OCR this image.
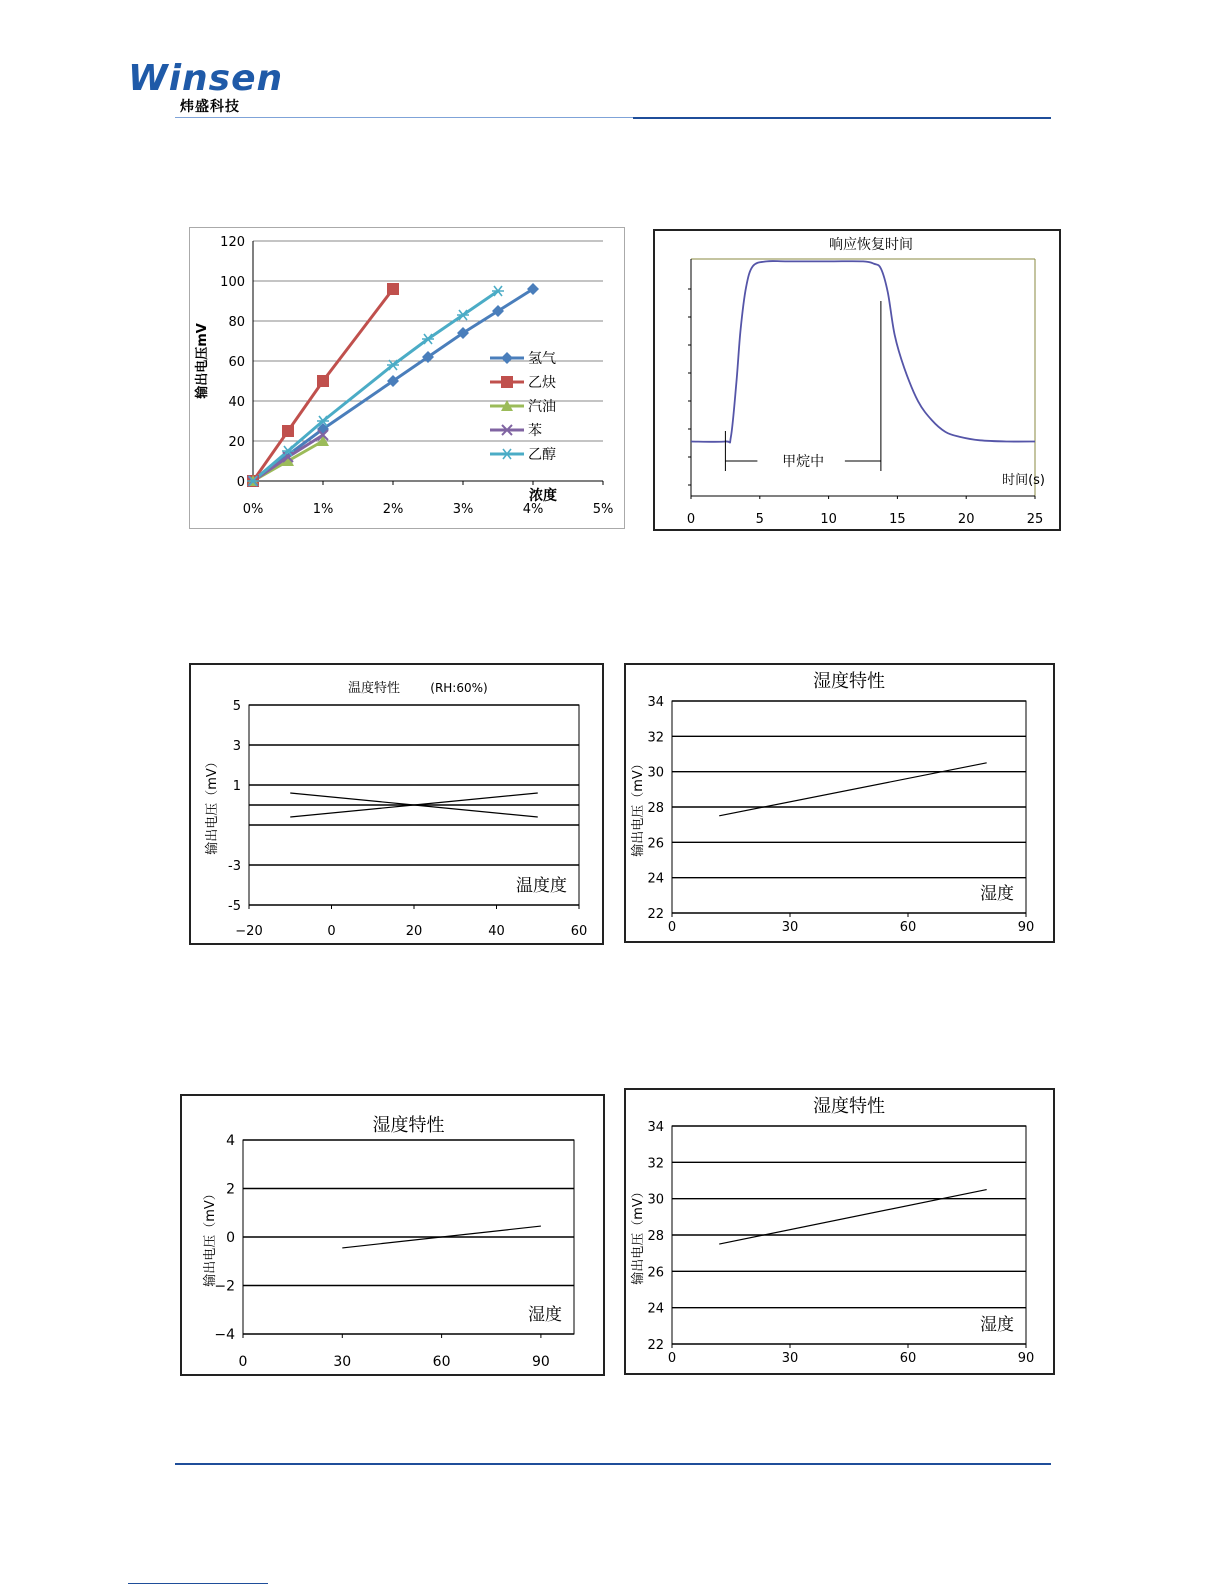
Winsen
炜盛科技
0
20
40
60
80
100
120
0%	1%	2%	3%	4%	5%
氢气
乙炔
汽油
苯
乙醇
浓度
输出电压mV
响应恢复时间
0	5	10	15	20	25
甲烷中
时间(s)
-5
-3
1
3
5
−20	0	20	40	60
温度特性	(RH:60%)
温度度
输出电压（mV）
22
24
26
28
30
32
34
0	30	60	90
湿度特性
湿度
输出电压（mV）
−4
−2
0
2
4
0	30	60	90
湿度特性
湿度
输出电压（mV）
22
24
26
28
30
32
34
0	30	60	90
湿度特性
湿度
输出电压（mV）
